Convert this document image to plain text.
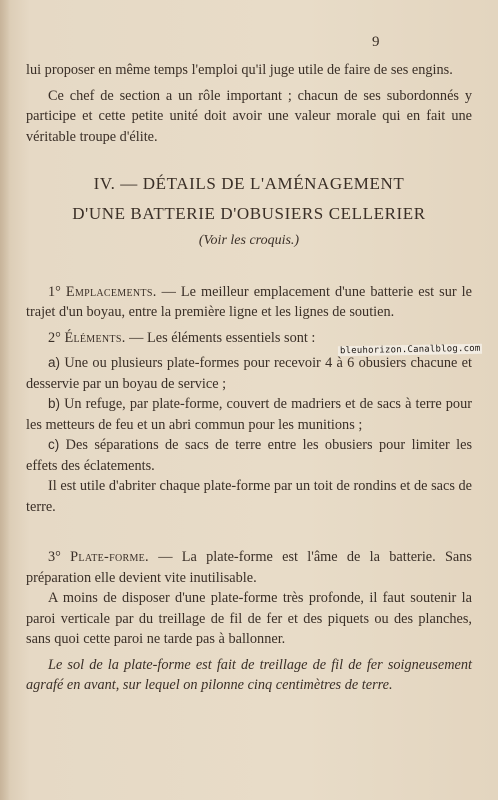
9

lui proposer en même temps l'emploi qu'il juge utile de faire de ses engins.

Ce chef de section a un rôle important ; chacun de ses subordonnés y participe et cette petite unité doit avoir une valeur morale qui en fait une véritable troupe d'élite.

IV. — DÉTAILS DE L'AMÉNAGEMENT
D'UNE BATTERIE D'OBUSIERS CELLERIER
(Voir les croquis.)

1° Emplacements. — Le meilleur emplacement d'une batterie est sur le trajet d'un boyau, entre la première ligne et les lignes de soutien.

2° Éléments. — Les éléments essentiels sont :

a) Une ou plusieurs plate-formes pour recevoir 4 à 6 obusiers chacune et desservie par un boyau de service ;

b) Un refuge, par plate-forme, couvert de madriers et de sacs à terre pour les metteurs de feu et un abri commun pour les munitions ;

c) Des séparations de sacs de terre entre les obusiers pour limiter les effets des éclatements.

Il est utile d'abriter chaque plate-forme par un toit de rondins et de sacs de terre.

3° Plate-forme. — La plate-forme est l'âme de la batterie. Sans préparation elle devient vite inutilisable.

A moins de disposer d'une plate-forme très profonde, il faut soutenir la paroi verticale par du treillage de fil de fer et des piquets ou des planches, sans quoi cette paroi ne tarde pas à ballonner.

Le sol de la plate-forme est fait de treillage de fil de fer soigneusement agrafé en avant, sur lequel on pilonne cinq centimètres de terre.

bleuhorizon.Canalblog.com
